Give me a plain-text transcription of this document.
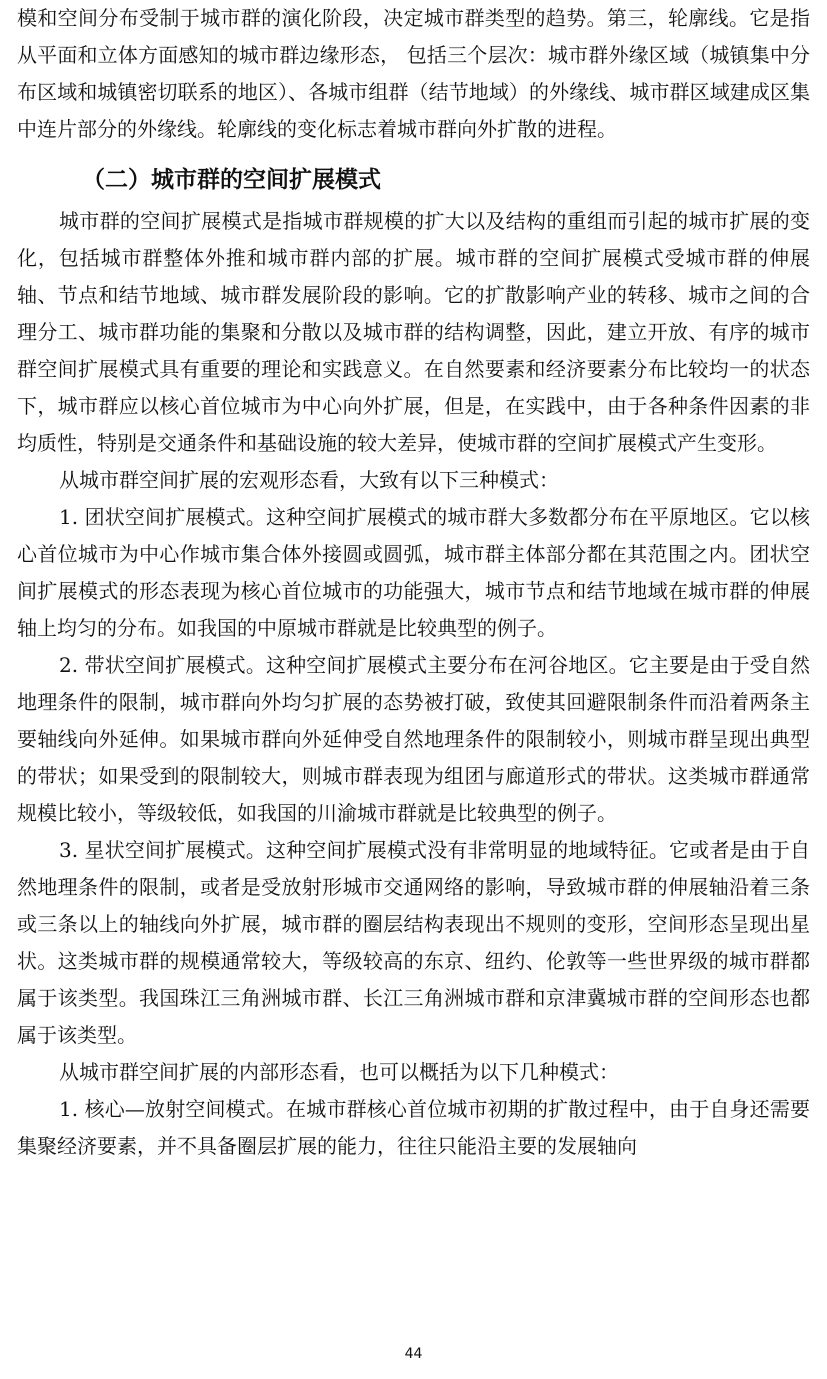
模和空间分布受制于城市群的演化阶段，决定城市群类型的趋势。第三，轮廓线。它是指从平面和立体方面感知的城市群边缘形态， 包括三个层次：城市群外缘区域（城镇集中分布区域和城镇密切联系的地区）、各城市组群（结节地域）的外缘线、城市群区域建成区集中连片部分的外缘线。轮廓线的变化标志着城市群向外扩散的进程。

（二）城市群的空间扩展模式

城市群的空间扩展模式是指城市群规模的扩大以及结构的重组而引起的城市扩展的变化，包括城市群整体外推和城市群内部的扩展。城市群的空间扩展模式受城市群的伸展轴、节点和结节地域、城市群发展阶段的影响。它的扩散影响产业的转移、城市之间的合理分工、城市群功能的集聚和分散以及城市群的结构调整，因此，建立开放、有序的城市群空间扩展模式具有重要的理论和实践意义。在自然要素和经济要素分布比较均一的状态下，城市群应以核心首位城市为中心向外扩展，但是，在实践中，由于各种条件因素的非均质性，特别是交通条件和基础设施的较大差异，使城市群的空间扩展模式产生变形。

从城市群空间扩展的宏观形态看，大致有以下三种模式：

1. 团状空间扩展模式。这种空间扩展模式的城市群大多数都分布在平原地区。它以核心首位城市为中心作城市集合体外接圆或圆弧，城市群主体部分都在其范围之内。团状空间扩展模式的形态表现为核心首位城市的功能强大，城市节点和结节地域在城市群的伸展轴上均匀的分布。如我国的中原城市群就是比较典型的例子。

2. 带状空间扩展模式。这种空间扩展模式主要分布在河谷地区。它主要是由于受自然地理条件的限制，城市群向外均匀扩展的态势被打破，致使其回避限制条件而沿着两条主要轴线向外延伸。如果城市群向外延伸受自然地理条件的限制较小，则城市群呈现出典型的带状；如果受到的限制较大，则城市群表现为组团与廊道形式的带状。这类城市群通常规模比较小，等级较低，如我国的川渝城市群就是比较典型的例子。

3. 星状空间扩展模式。这种空间扩展模式没有非常明显的地域特征。它或者是由于自然地理条件的限制，或者是受放射形城市交通网络的影响，导致城市群的伸展轴沿着三条或三条以上的轴线向外扩展，城市群的圈层结构表现出不规则的变形，空间形态呈现出星状。这类城市群的规模通常较大，等级较高的东京、纽约、伦敦等一些世界级的城市群都属于该类型。我国珠江三角洲城市群、长江三角洲城市群和京津冀城市群的空间形态也都属于该类型。

从城市群空间扩展的内部形态看，也可以概括为以下几种模式：

1. 核心—放射空间模式。在城市群核心首位城市初期的扩散过程中，由于自身还需要集聚经济要素，并不具备圈层扩展的能力，往往只能沿主要的发展轴向

44
